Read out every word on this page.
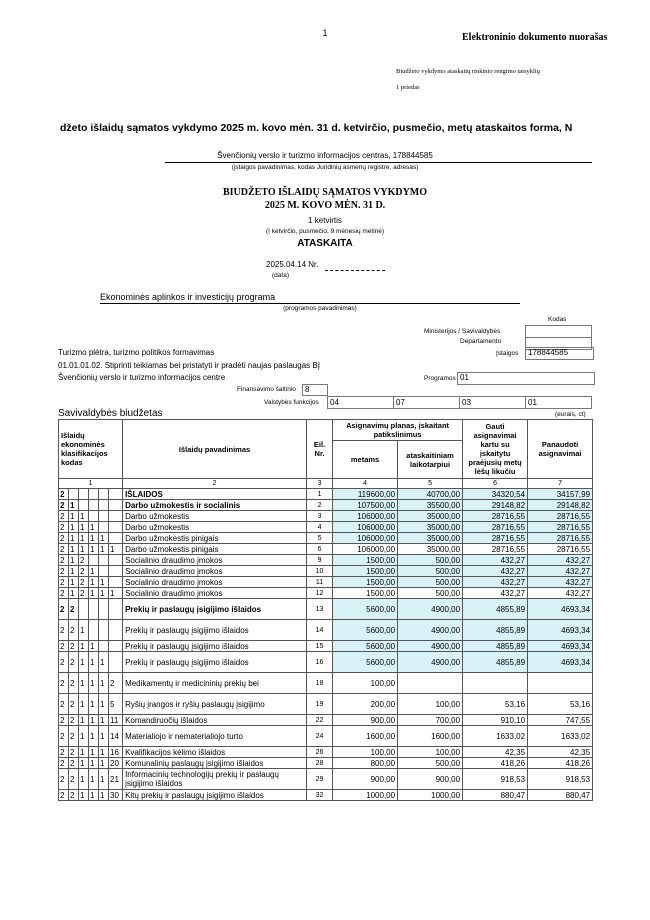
1	Elektroninio dokumento nuorašas
Biudžeto vykdymo ataskaitų rinkinio rengimo taisyklių
1 priedas
džeto išlaidų sąmatos vykdymo 2025 m. kovo mėn. 31 d. ketvirčio, pusmečio, metų ataskaitos forma, N
Švenčionių verslo ir turizmo informacijos centras, 178844585
(įstaigos pavadinimas, kodas Juridinių asmenų registre, adresas)
BIUDŽETO IŠLAIDŲ SĄMATOS VYKDYMO
2025 M. KOVO MĖN. 31 D.
1 ketvirtis
(I ketvirčio, pusmečio, 9 mėnesių metinė)
ATASKAITA
2025.04.14 Nr.
(data)
Ekonominės aplinkos ir investicijų programa
(programos pavadinimas)
Kodas
Ministerijos / Savivaldybės
Departamento

Įstaigos	178844585
Turizmo plėtra, turizmo politikos formavimas
01.01.01.02. Stiprinti teikiamas bei pristatyti ir pradėti naujas paslaugas BĮ
Švenčionių verslo ir turizmo informacijos centre	Programos 01
Finansavimo šaltinio	8
Valstybės funkcijos 04	07	03	01
Savivaldybės biudžetas	(eurais, ct)
Išlaidų ekonominės klasifikacijos kodas						Išlaidų pavadinimas	Eil. Nr.	Asignavimų planas, įskaitant patikslinimus		Gauti asignavimai kartu su įskaitytu praėjusių metų lėšų likučiu	Panaudoti asignavimai
								metams	ataskaitiniam laikotarpiui		
1						2	3	4	5	6	7
2						IŠLAIDOS	1	119600,00	40700,00	34320,54	34157,99
2	1					Darbo užmokestis ir socialinis	2	107500,00	35500,00	29148,82	29148,82
2	1	1				Darbo užmokestis	3	106000,00	35000,00	28716,55	28716,55
2	1	1	1			Darbo užmokestis	4	106000,00	35000,00	28716,55	28716,55
2	1	1	1	1		Darbo užmokestis pinigais	5	106000,00	35000,00	28716,55	28716,55
2	1	1	1	1	1	Darbo užmokestis pinigais	6	106000,00	35000,00	28716,55	28716,55
2	1	2				Socialinio draudimo įmokos	9	1500,00	500,00	432,27	432,27
2	1	2	1			Socialinio draudimo įmokos	10	1500,00	500,00	432,27	432,27
2	1	2	1	1		Socialinio draudimo įmokos	11	1500,00	500,00	432,27	432,27
2	1	2	1	1	1	Socialinio draudimo įmokos	12	1500,00	500,00	432,27	432,27
2	2					Prekių ir paslaugų įsigijimo išlaidos	13	5600,00	4900,00	4855,89	4693,34
2	2	1				Prekių ir paslaugų įsigijimo išlaidos	14	5600,00	4900,00	4855,89	4693,34
2	2	1	1			Prekių ir paslaugų įsigijimo išlaidos	15	5600,00	4900,00	4855,89	4693,34
2	2	1	1	1		Prekių ir paslaugų įsigijimo išlaidos	16	5600,00	4900,00	4855,89	4693,34
2	2	1	1	1	2	Medikamentų ir medicininių prekių bei	18	100,00			
2	2	1	1	1	5	Ryšių įrangos ir ryšių paslaugų įsigijimo	19	200,00	100,00	53,16	53,16
2	2	1	1	1	11	Komandiruočių išlaidos	22	900,00	700,00	910,10	747,55
2	2	1	1	1	14	Materialiojo ir nematerialiojo turto	24	1600,00	1600,00	1633,02	1633,02
2	2	1	1	1	16	Kvalifikacijos kėlimo išlaidos	26	100,00	100,00	42,35	42,35
2	2	1	1	1	20	Komunalinių paslaugų įsigijimo išlaidos	28	800,00	500,00	418,26	418,26
2	2	1	1	1	21	Informacinių technologijų prekių ir paslaugų įsigijimo išlaidos	29	900,00	900,00	918,53	918,53
2	2	1	1	1	30	Kitų prekių ir paslaugų įsigijimo išlaidos	32	1000,00	1000,00	880,47	880,47
